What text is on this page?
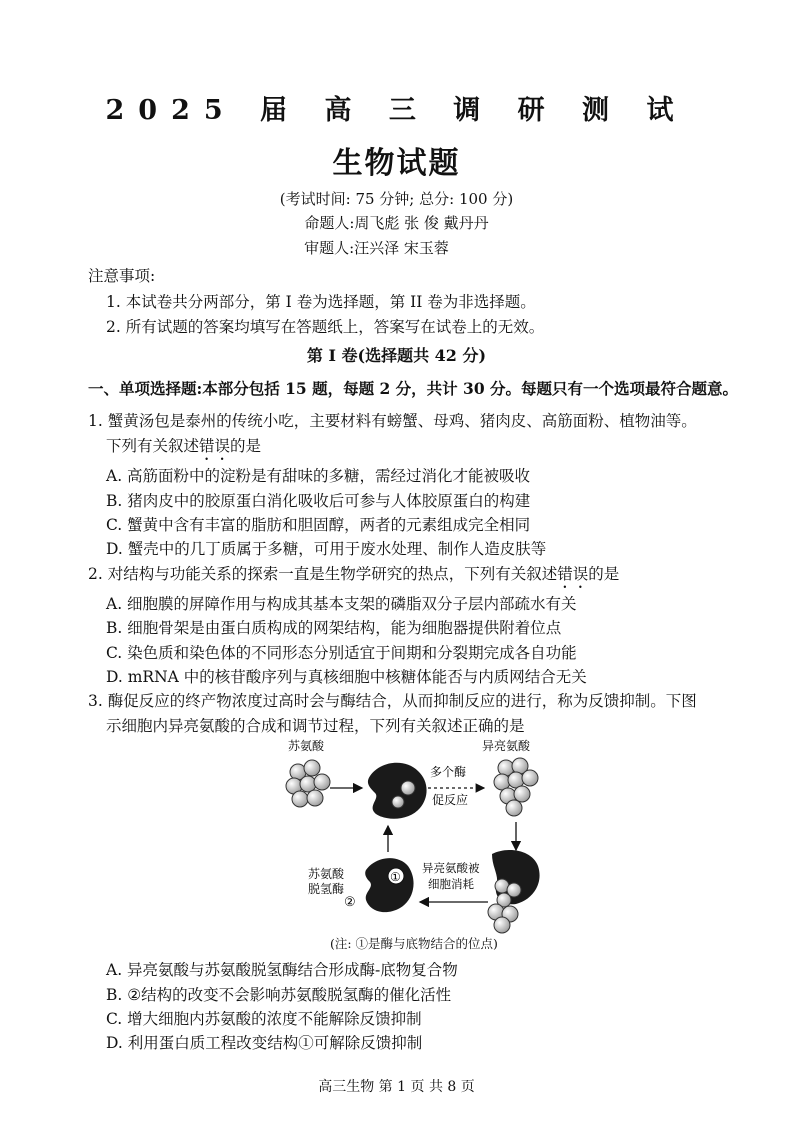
2025 届 高 三 调 研 测 试
生物试题
(考试时间: 75 分钟; 总分: 100 分)
命题人:周飞彪 张 俊 戴丹丹
审题人:汪兴泽 宋玉蓉
注意事项:
1. 本试卷共分两部分，第 I 卷为选择题，第 II 卷为非选择题。
2. 所有试题的答案均填写在答题纸上，答案写在试卷上的无效。
第 I 卷(选择题共 42 分)
一、单项选择题:本部分包括 15 题，每题 2 分，共计 30 分。每题只有一个选项最符合题意。
1. 蟹黄汤包是泰州的传统小吃，主要材料有螃蟹、母鸡、猪肉皮、高筋面粉、植物油等。
下列有关叙述错误的是
A. 高筋面粉中的淀粉是有甜味的多糖，需经过消化才能被吸收
B. 猪肉皮中的胶原蛋白消化吸收后可参与人体胶原蛋白的构建
C. 蟹黄中含有丰富的脂肪和胆固醇，两者的元素组成完全相同
D. 蟹壳中的几丁质属于多糖，可用于废水处理、制作人造皮肤等
2. 对结构与功能关系的探索一直是生物学研究的热点，下列有关叙述错误的是
A. 细胞膜的屏障作用与构成其基本支架的磷脂双分子层内部疏水有关
B. 细胞骨架是由蛋白质构成的网架结构，能为细胞器提供附着位点
C. 染色质和染色体的不同形态分别适宜于间期和分裂期完成各自功能
D. mRNA 中的核苷酸序列与真核细胞中核糖体能否与内质网结合无关
3. 酶促反应的终产物浓度过高时会与酶结合，从而抑制反应的进行，称为反馈抑制。下图
示细胞内异亮氨酸的合成和调节过程，下列有关叙述正确的是
苏氨酸	异亮氨酸
多个酶
促反应
异亮氨酸被
细胞消耗
①
②
苏氨酸
脱氢酶
(注: ①是酶与底物结合的位点)
A. 异亮氨酸与苏氨酸脱氢酶结合形成酶-底物复合物
B. ②结构的改变不会影响苏氨酸脱氢酶的催化活性
C. 增大细胞内苏氨酸的浓度不能解除反馈抑制
D. 利用蛋白质工程改变结构①可解除反馈抑制
高三生物 第 1 页 共 8 页
